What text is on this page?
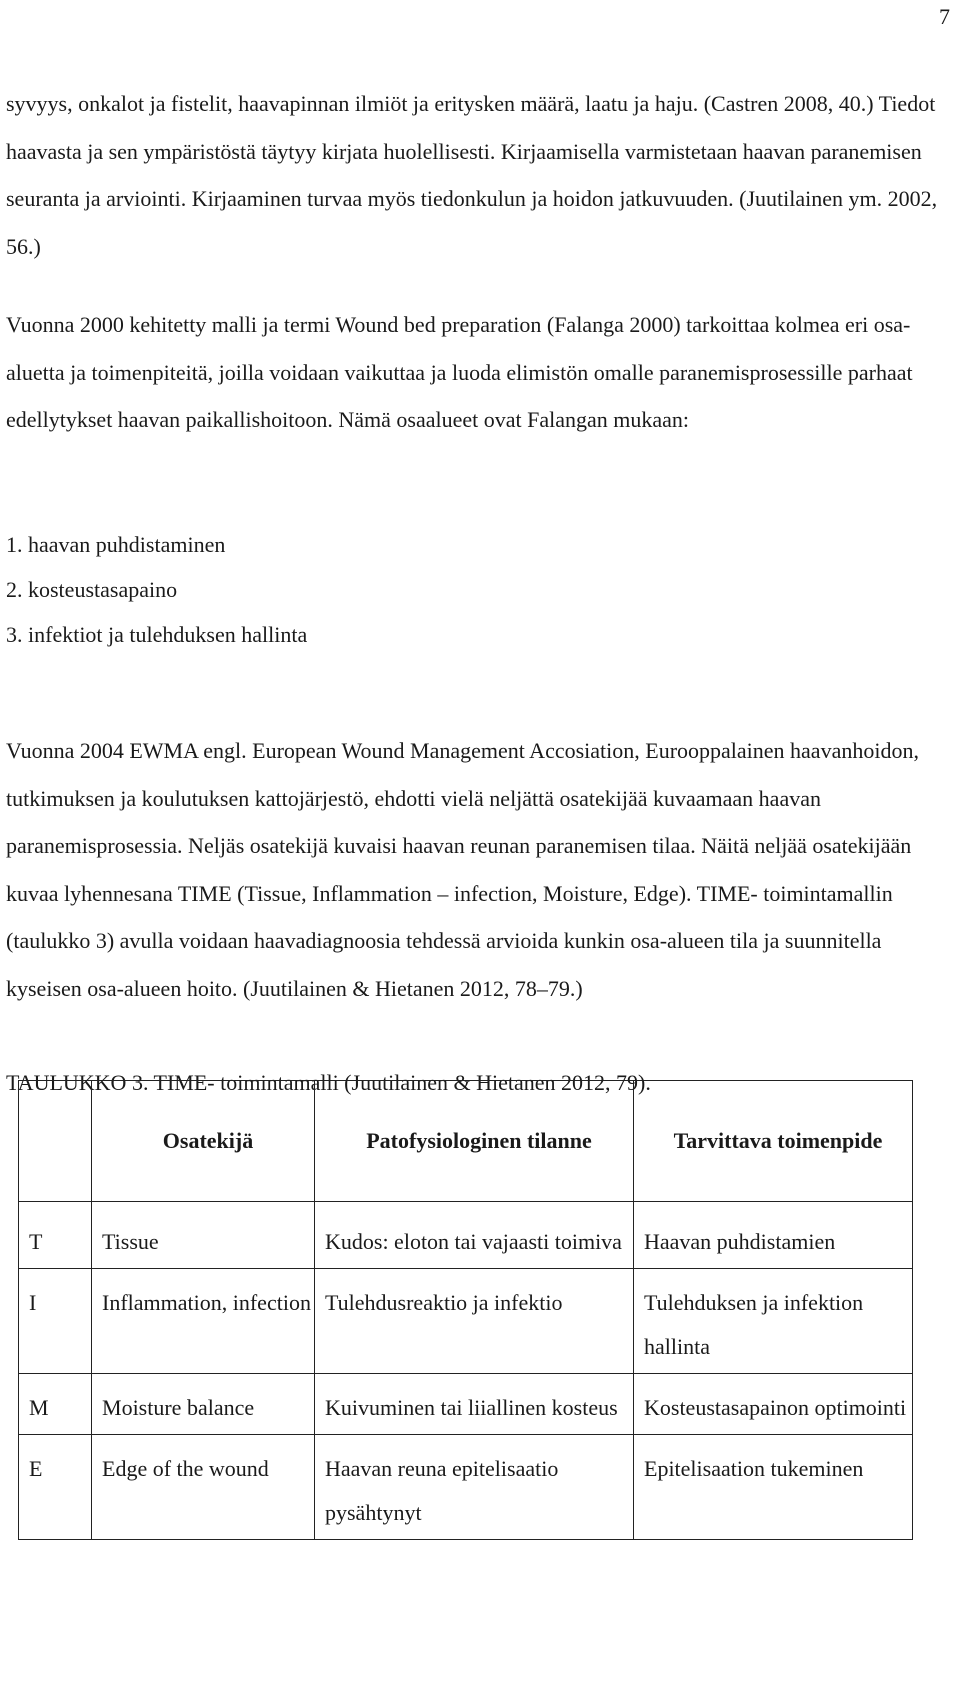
7

syvyys, onkalot ja fistelit, haavapinnan ilmiöt ja eritysken määrä, laatu ja haju. (Castren 2008, 40.) Tiedot haavasta ja sen ympäristöstä täytyy kirjata huolellisesti. Kirjaamisella varmistetaan haavan paranemisen seuranta ja arviointi. Kirjaaminen turvaa myös tiedonkulun ja hoidon jatkuvuuden. (Juutilainen ym. 2002, 56.)

Vuonna 2000 kehitetty malli ja termi Wound bed preparation (Falanga 2000) tarkoittaa kolmea eri osa-aluetta ja toimenpiteitä, joilla voidaan vaikuttaa ja luoda elimistön omalle paranemisprosessille parhaat edellytykset haavan paikallishoitoon. Nämä osaalueet ovat Falangan mukaan:

1. haavan puhdistaminen
2. kosteustasapaino
3. infektiot ja tulehduksen hallinta

Vuonna 2004 EWMA engl. European Wound Management Accosiation, Eurooppalainen haavanhoidon, tutkimuksen ja koulutuksen kattojärjestö, ehdotti vielä neljättä osatekijää kuvaamaan haavan paranemisprosessia. Neljäs osatekijä kuvaisi haavan reunan paranemisen tilaa. Näitä neljää osatekijään kuvaa lyhennesana TIME (Tissue, Inflammation – infection, Moisture, Edge). TIME- toimintamallin (taulukko 3) avulla voidaan haavadiagnoosia tehdessä arvioida kunkin osa-alueen tila ja suunnitella kyseisen osa-alueen hoito. (Juutilainen & Hietanen 2012, 78–79.)

TAULUKKO 3. TIME- toimintamalli (Juutilainen & Hietanen 2012, 79).

	Osatekijä	Patofysiologinen tilanne	Tarvittava toimenpide
T	Tissue	Kudos: eloton tai vajaasti toimiva	Haavan puhdistamien
I	Inflammation, infection	Tulehdusreaktio ja infektio	Tulehduksen ja infektion hallinta
M	Moisture balance	Kuivuminen tai liiallinen kosteus	Kosteustasapainon optimointi
E	Edge of the wound	Haavan reuna epitelisaatio pysähtynyt	Epitelisaation tukeminen
